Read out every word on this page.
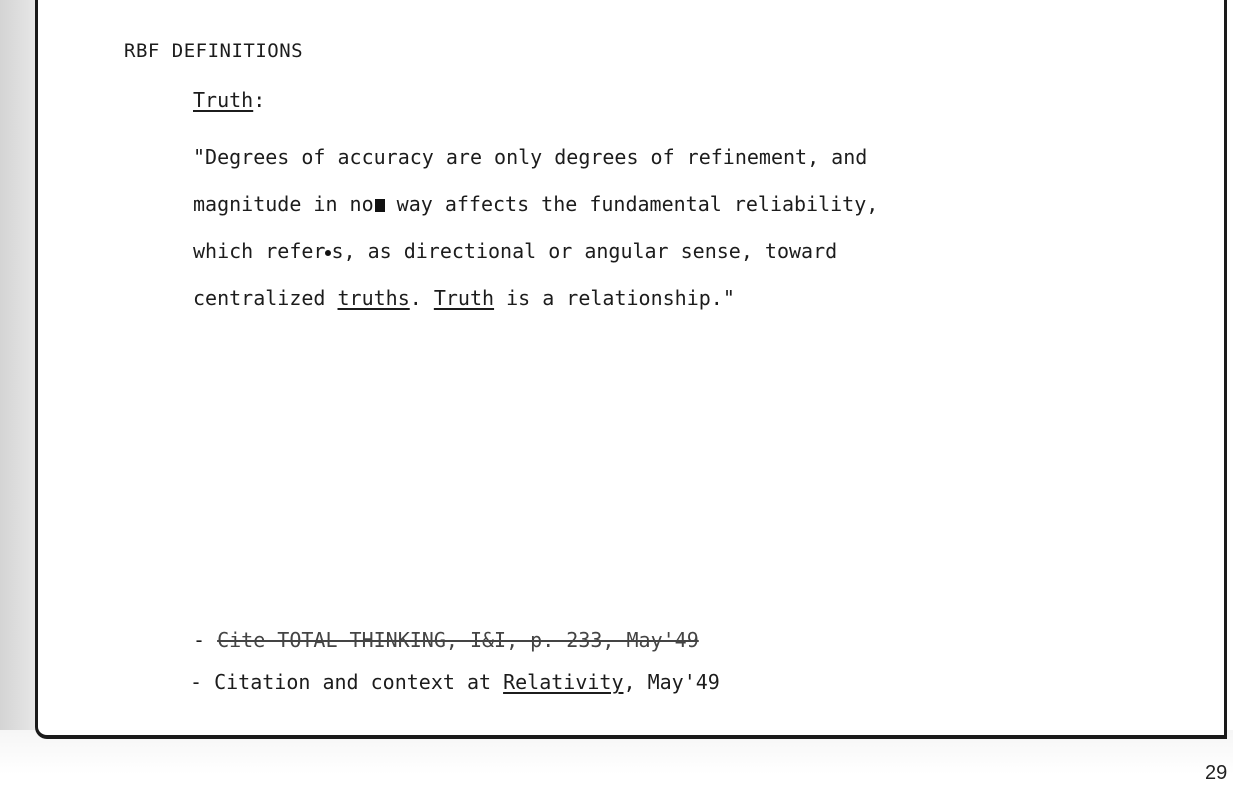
RBF DEFINITIONS
Truth:

"Degrees of accuracy are only degrees of refinement, and
magnitude in no way affects the fundamental reliability,
which refer s, as directional or angular sense, toward
centralized truths. Truth is a relationship."

- Cite TOTAL THINKING, I&I, p. 233, May'49
- Citation and context at Relativity, May'49
29
